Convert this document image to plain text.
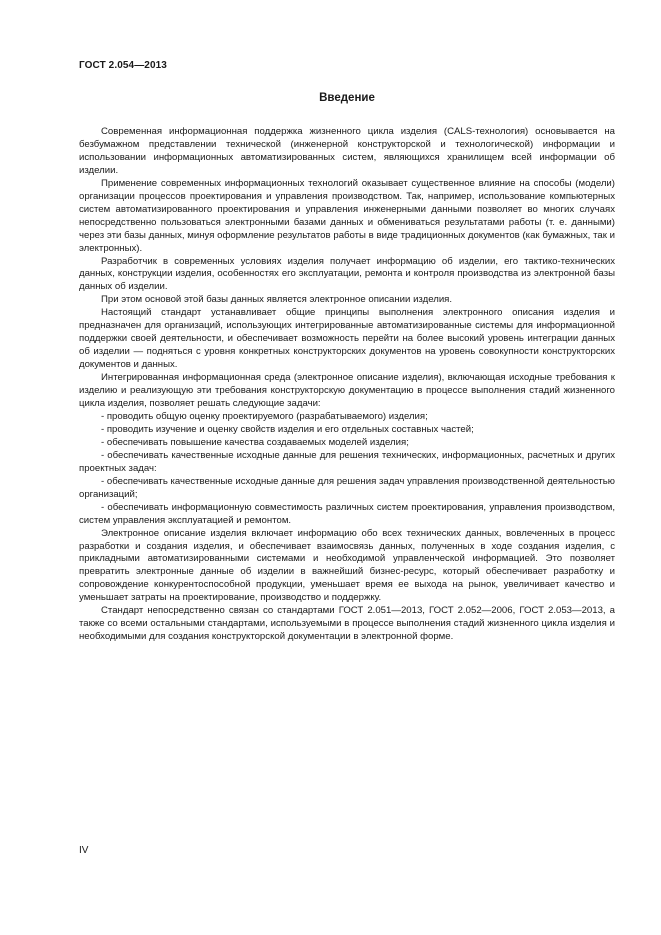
ГОСТ 2.054—2013
Введение

Современная информационная поддержка жизненного цикла изделия (CALS-технология) основывается на безбумажном представлении технической (инженерной конструкторской и технологической) информации и использовании информационных автоматизированных систем, являющихся хранилищем всей информации об изделии.

Применение современных информационных технологий оказывает существенное влияние на способы (модели) организации процессов проектирования и управления производством. Так, например, использование компьютерных систем автоматизированного проектирования и управления инженерными данными позволяет во многих случаях непосредственно пользоваться электронными базами данных и обмениваться результатами работы (т. е. данными) через эти базы данных, минуя оформление результатов работы в виде традиционных документов (как бумажных, так и электронных).

Разработчик в современных условиях изделия получает информацию об изделии, его тактико-технических данных, конструкции изделия, особенностях его эксплуатации, ремонта и контроля производства из электронной базы данных об изделии.

При этом основой этой базы данных является электронное описании изделия.

Настоящий стандарт устанавливает общие принципы выполнения электронного описания изделия и предназначен для организаций, использующих интегрированные автоматизированные системы для информационной поддержки своей деятельности, и обеспечивает возможность перейти на более высокий уровень интеграции данных об изделии — подняться с уровня конкретных конструкторских документов на уровень совокупности конструкторских документов и данных.

Интегрированная информационная среда (электронное описание изделия), включающая исходные требования к изделию и реализующую эти требования конструкторскую документацию в процессе выполнения стадий жизненного цикла изделия, позволяет решать следующие задачи:

- проводить общую оценку проектируемого (разрабатываемого) изделия;

- проводить изучение и оценку свойств изделия и его отдельных составных частей;

- обеспечивать повышение качества создаваемых моделей изделия;

- обеспечивать качественные исходные данные для решения технических, информационных, расчетных и других проектных задач:

- обеспечивать качественные исходные данные для решения задач управления производственной деятельностью организаций;

- обеспечивать информационную совместимость различных систем проектирования, управления производством, систем управления эксплуатацией и ремонтом.

Электронное описание изделия включает информацию обо всех технических данных, вовлеченных в процесс разработки и создания изделия, и обеспечивает взаимосвязь данных, полученных в ходе создания изделия, с прикладными автоматизированными системами и необходимой управленческой информацией. Это позволяет превратить электронные данные об изделии в важнейший бизнес-ресурс, который обеспечивает разработку и сопровождение конкурентоспособной продукции, уменьшает время ее выхода на рынок, увеличивает качество и уменьшает затраты на проектирование, производство и поддержку.

Стандарт непосредственно связан со стандартами ГОСТ 2.051—2013, ГОСТ 2.052—2006, ГОСТ 2.053—2013, а также со всеми остальными стандартами, используемыми в процессе выполнения стадий жизненного цикла изделия и необходимыми для создания конструкторской документации в электронной форме.

IV
